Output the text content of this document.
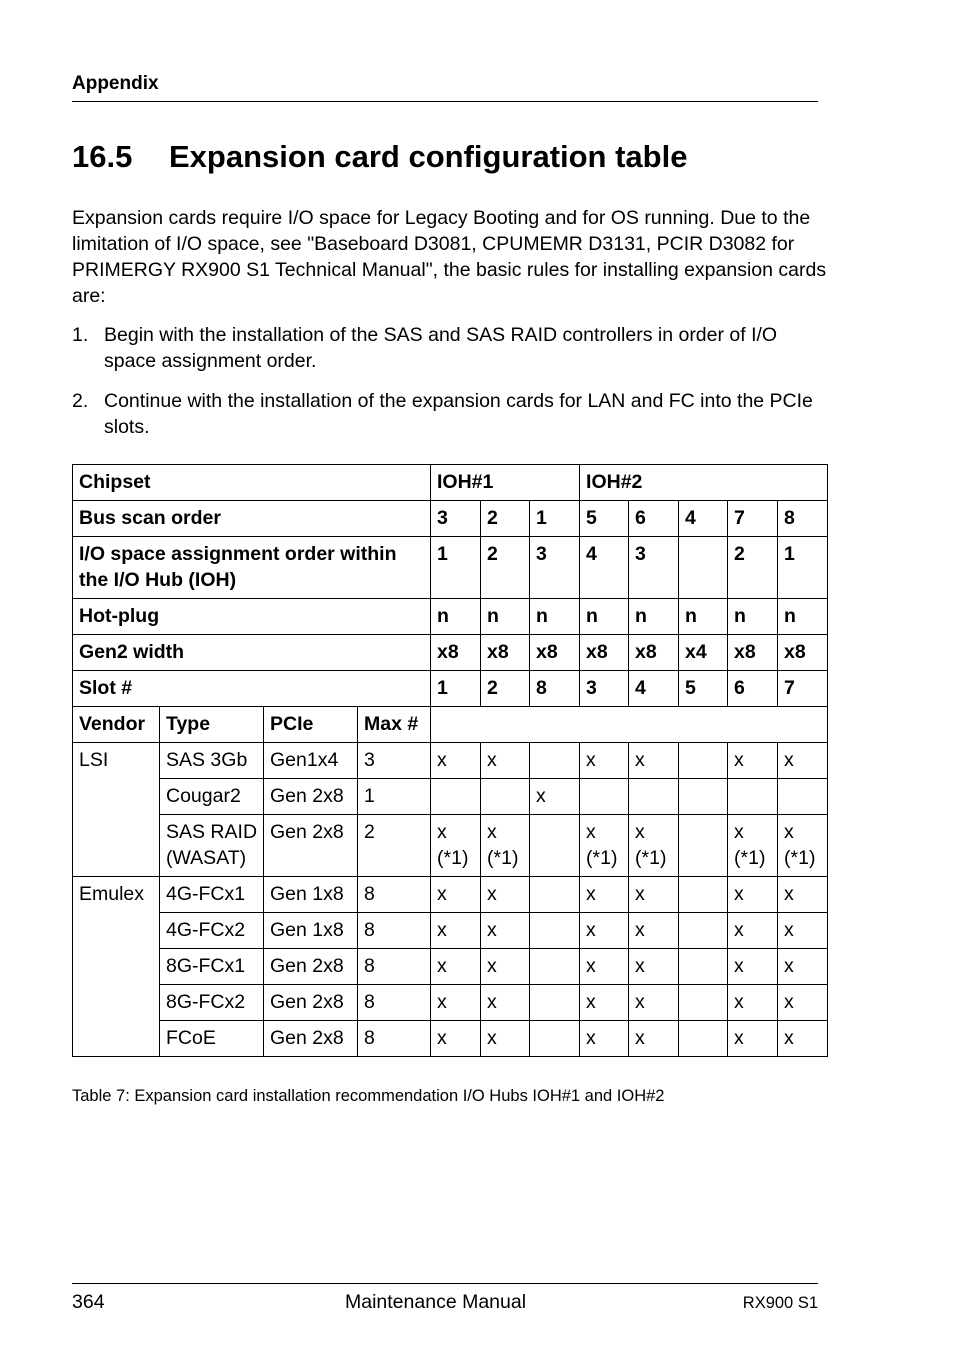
Appendix
16.5 Expansion card configuration table

Expansion cards require I/O space for Legacy Booting and for OS running. Due to the limitation of I/O space, see "Baseboard D3081, CPUMEMR D3131, PCIR D3082 for PRIMERGY RX900 S1 Technical Manual", the basic rules for installing expansion cards are:

1. Begin with the installation of the SAS and SAS RAID controllers in order of I/O space assignment order.
2. Continue with the installation of the expansion cards for LAN and FC into the PCIe slots.
Chipset				IOH#1			IOH#2				
Bus scan order				3	2	1	5	6	4	7	8
I/O space assignment order within the I/O Hub (IOH)				1	2	3	4	3		2	1
Hot-plug				n	n	n	n	n	n	n	n
Gen2 width				x8	x8	x8	x8	x8	x4	x8	x8
Slot #				1	2	8	3	4	5	6	7
Vendor	Type	PCIe	Max #								
LSI	SAS 3Gb	Gen1x4	3	x	x		x	x		x	x
	Cougar2	Gen 2x8	1			x					
	SAS RAID (WASAT)	Gen 2x8	2	x (*1)	x (*1)		x (*1)	x (*1)		x (*1)	x (*1)
Emulex	4G-FCx1	Gen 1x8	8	x	x		x	x		x	x
	4G-FCx2	Gen 1x8	8	x	x		x	x		x	x
	8G-FCx1	Gen 2x8	8	x	x		x	x		x	x
	8G-FCx2	Gen 2x8	8	x	x		x	x		x	x
	FCoE	Gen 2x8	8	x	x		x	x		x	x
Table 7: Expansion card installation recommendation I/O Hubs IOH#1 and IOH#2
364	Maintenance Manual	RX900 S1
